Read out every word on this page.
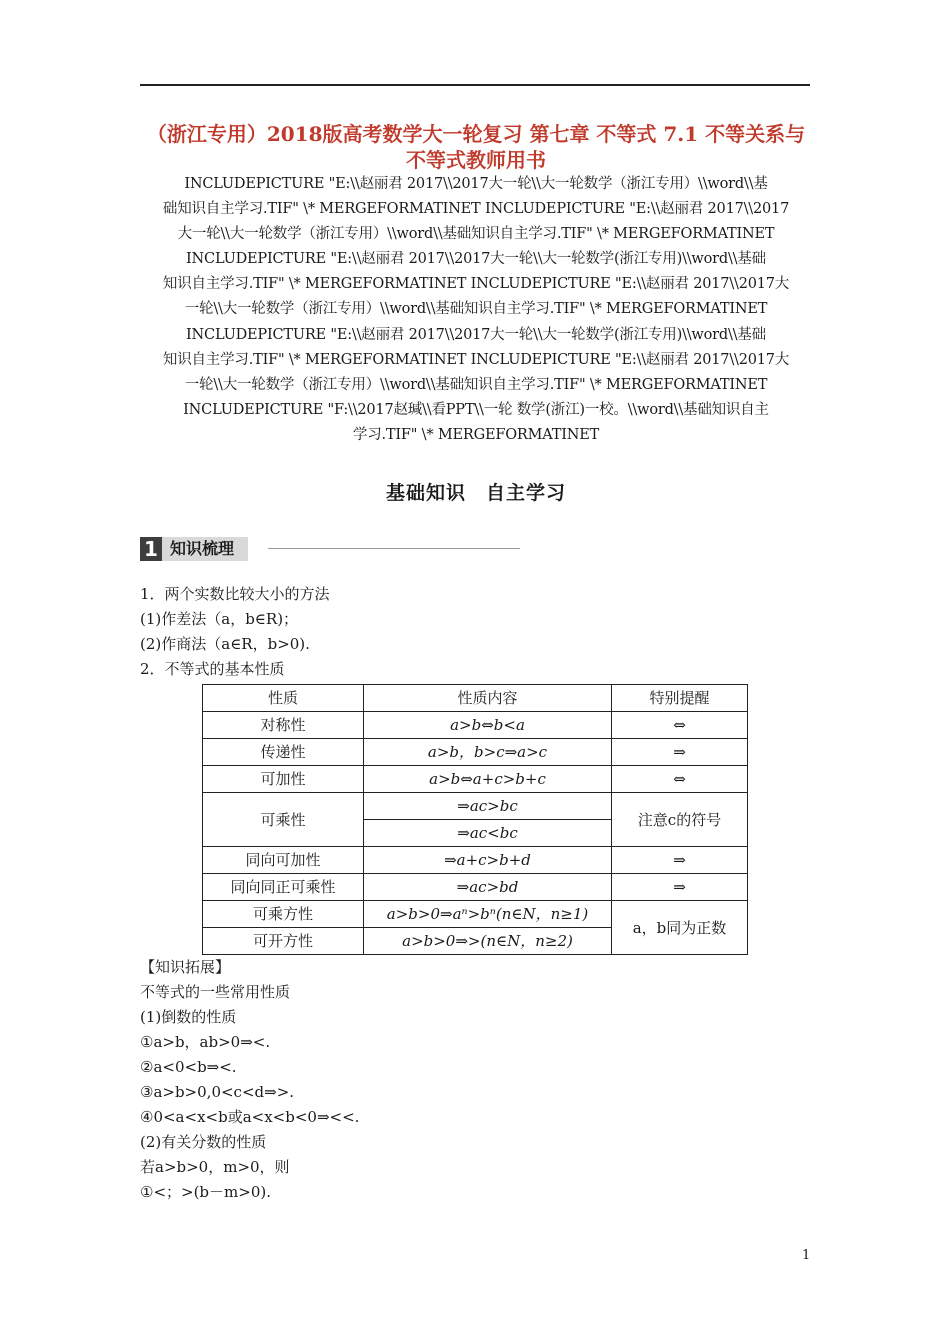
（浙江专用）2018版高考数学大一轮复习 第七章 不等式 7.1 不等关系与不等式教师用书

INCLUDEPICTURE "E:\\赵丽君 2017\\2017大一轮\\大一轮数学（浙江专用）\\word\\基

础知识自主学习.TIF" \* MERGEFORMATINET INCLUDEPICTURE "E:\\赵丽君 2017\\2017

大一轮\\大一轮数学（浙江专用）\\word\\基础知识自主学习.TIF" \* MERGEFORMATINET

INCLUDEPICTURE "E:\\赵丽君 2017\\2017大一轮\\大一轮数学(浙江专用)\\word\\基础

知识自主学习.TIF" \* MERGEFORMATINET INCLUDEPICTURE "E:\\赵丽君 2017\\2017大

一轮\\大一轮数学（浙江专用）\\word\\基础知识自主学习.TIF" \* MERGEFORMATINET

INCLUDEPICTURE "E:\\赵丽君 2017\\2017大一轮\\大一轮数学(浙江专用)\\word\\基础

知识自主学习.TIF" \* MERGEFORMATINET INCLUDEPICTURE "E:\\赵丽君 2017\\2017大

一轮\\大一轮数学（浙江专用）\\word\\基础知识自主学习.TIF" \* MERGEFORMATINET

INCLUDEPICTURE "F:\\2017赵瑊\\看PPT\\一轮 数学(浙江)一校。\\word\\基础知识自主

学习.TIF" \* MERGEFORMATINET

基础知识　自主学习
1 知识梳理

1．两个实数比较大小的方法

(1)作差法（a，b∈R)；

(2)作商法（a∈R，b>0).

2．不等式的基本性质

性质	性质内容	特别提醒
对称性	a>b⇔b<a	⇔
传递性	a>b，b>c⇒a>c	⇒
可加性	a>b⇔a+c>b+c	⇔
可乘性	⇒ac>bc	注意c的符号
	⇒ac<bc	
同向可加性	⇒a+c>b+d	⇒
同向同正可乘性	⇒ac>bd	⇒
可乘方性	a>b>0⇒aⁿ>bⁿ(n∈N，n≥1)	a，b同为正数
可开方性	a>b>0⇒>(n∈N，n≥2)	

【知识拓展】

不等式的一些常用性质

(1)倒数的性质

①a>b，ab>0⇒<.

②a<0<b⇒<.

③a>b>0,0<c<d⇒>.

④0<a<x<b或a<x<b<0⇒<<.

(2)有关分数的性质

若a>b>0，m>0，则

①<；>(b－m>0).

1
